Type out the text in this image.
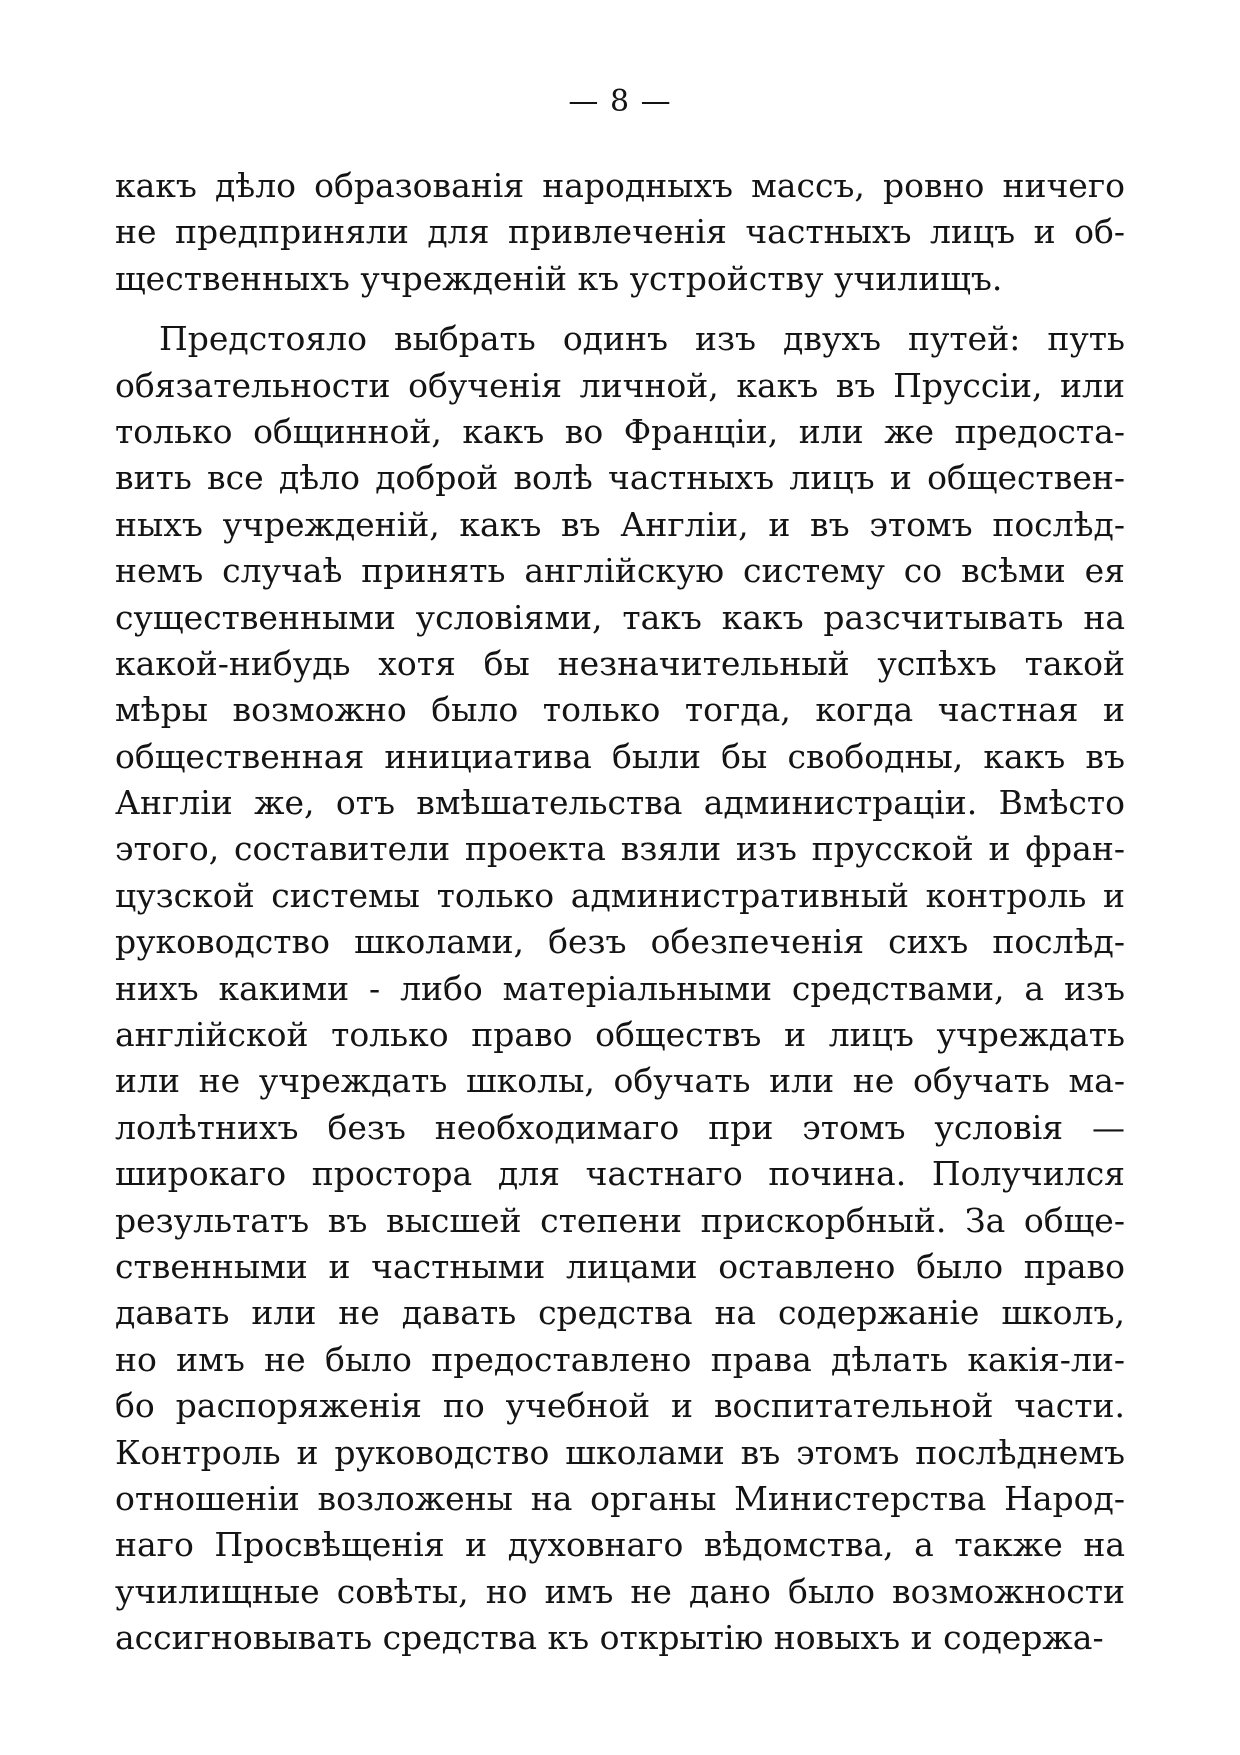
— 8 —
какъ дѣло образованія народныхъ массъ, ровно ничего
не предприняли для привлеченія частныхъ лицъ и об-
щественныхъ учрежденій къ устройству училищъ.
Предстояло выбрать одинъ изъ двухъ путей: путь
обязательности обученія личной, какъ въ Пруссіи, или
только общинной, какъ во Франціи, или же предоста-
вить все дѣло доброй волѣ частныхъ лицъ и обществен-
ныхъ учрежденій, какъ въ Англіи, и въ этомъ послѣд-
немъ случаѣ принять англійскую систему со всѣми ея
существенными условіями, такъ какъ разсчитывать на
какой-нибудь хотя бы незначительный успѣхъ такой
мѣры возможно было только тогда, когда частная и
общественная инициатива были бы свободны, какъ въ
Англіи же, отъ вмѣшательства администраціи. Вмѣсто
этого, составители проекта взяли изъ прусской и фран-
цузской системы только административный контроль и
руководство школами, безъ обезпеченія сихъ послѣд-
нихъ какими - либо матеріальными средствами, а изъ
англійской только право обществъ и лицъ учреждать
или не учреждать школы, обучать или не обучать ма-
лолѣтнихъ безъ необходимаго при этомъ условія —
широкаго простора для частнаго почина. Получился
результатъ въ высшей степени прискорбный. За обще-
ственными и частными лицами оставлено было право
давать или не давать средства на содержаніе школъ,
но имъ не было предоставлено права дѣлать какія-ли-
бо распоряженія по учебной и воспитательной части.
Контроль и руководство школами въ этомъ послѣднемъ
отношеніи возложены на органы Министерства Народ-
наго Просвѣщенія и духовнаго вѣдомства, а также на
училищные совѣты, но имъ не дано было возможности
ассигновывать средства къ открытію новыхъ и содержа-
